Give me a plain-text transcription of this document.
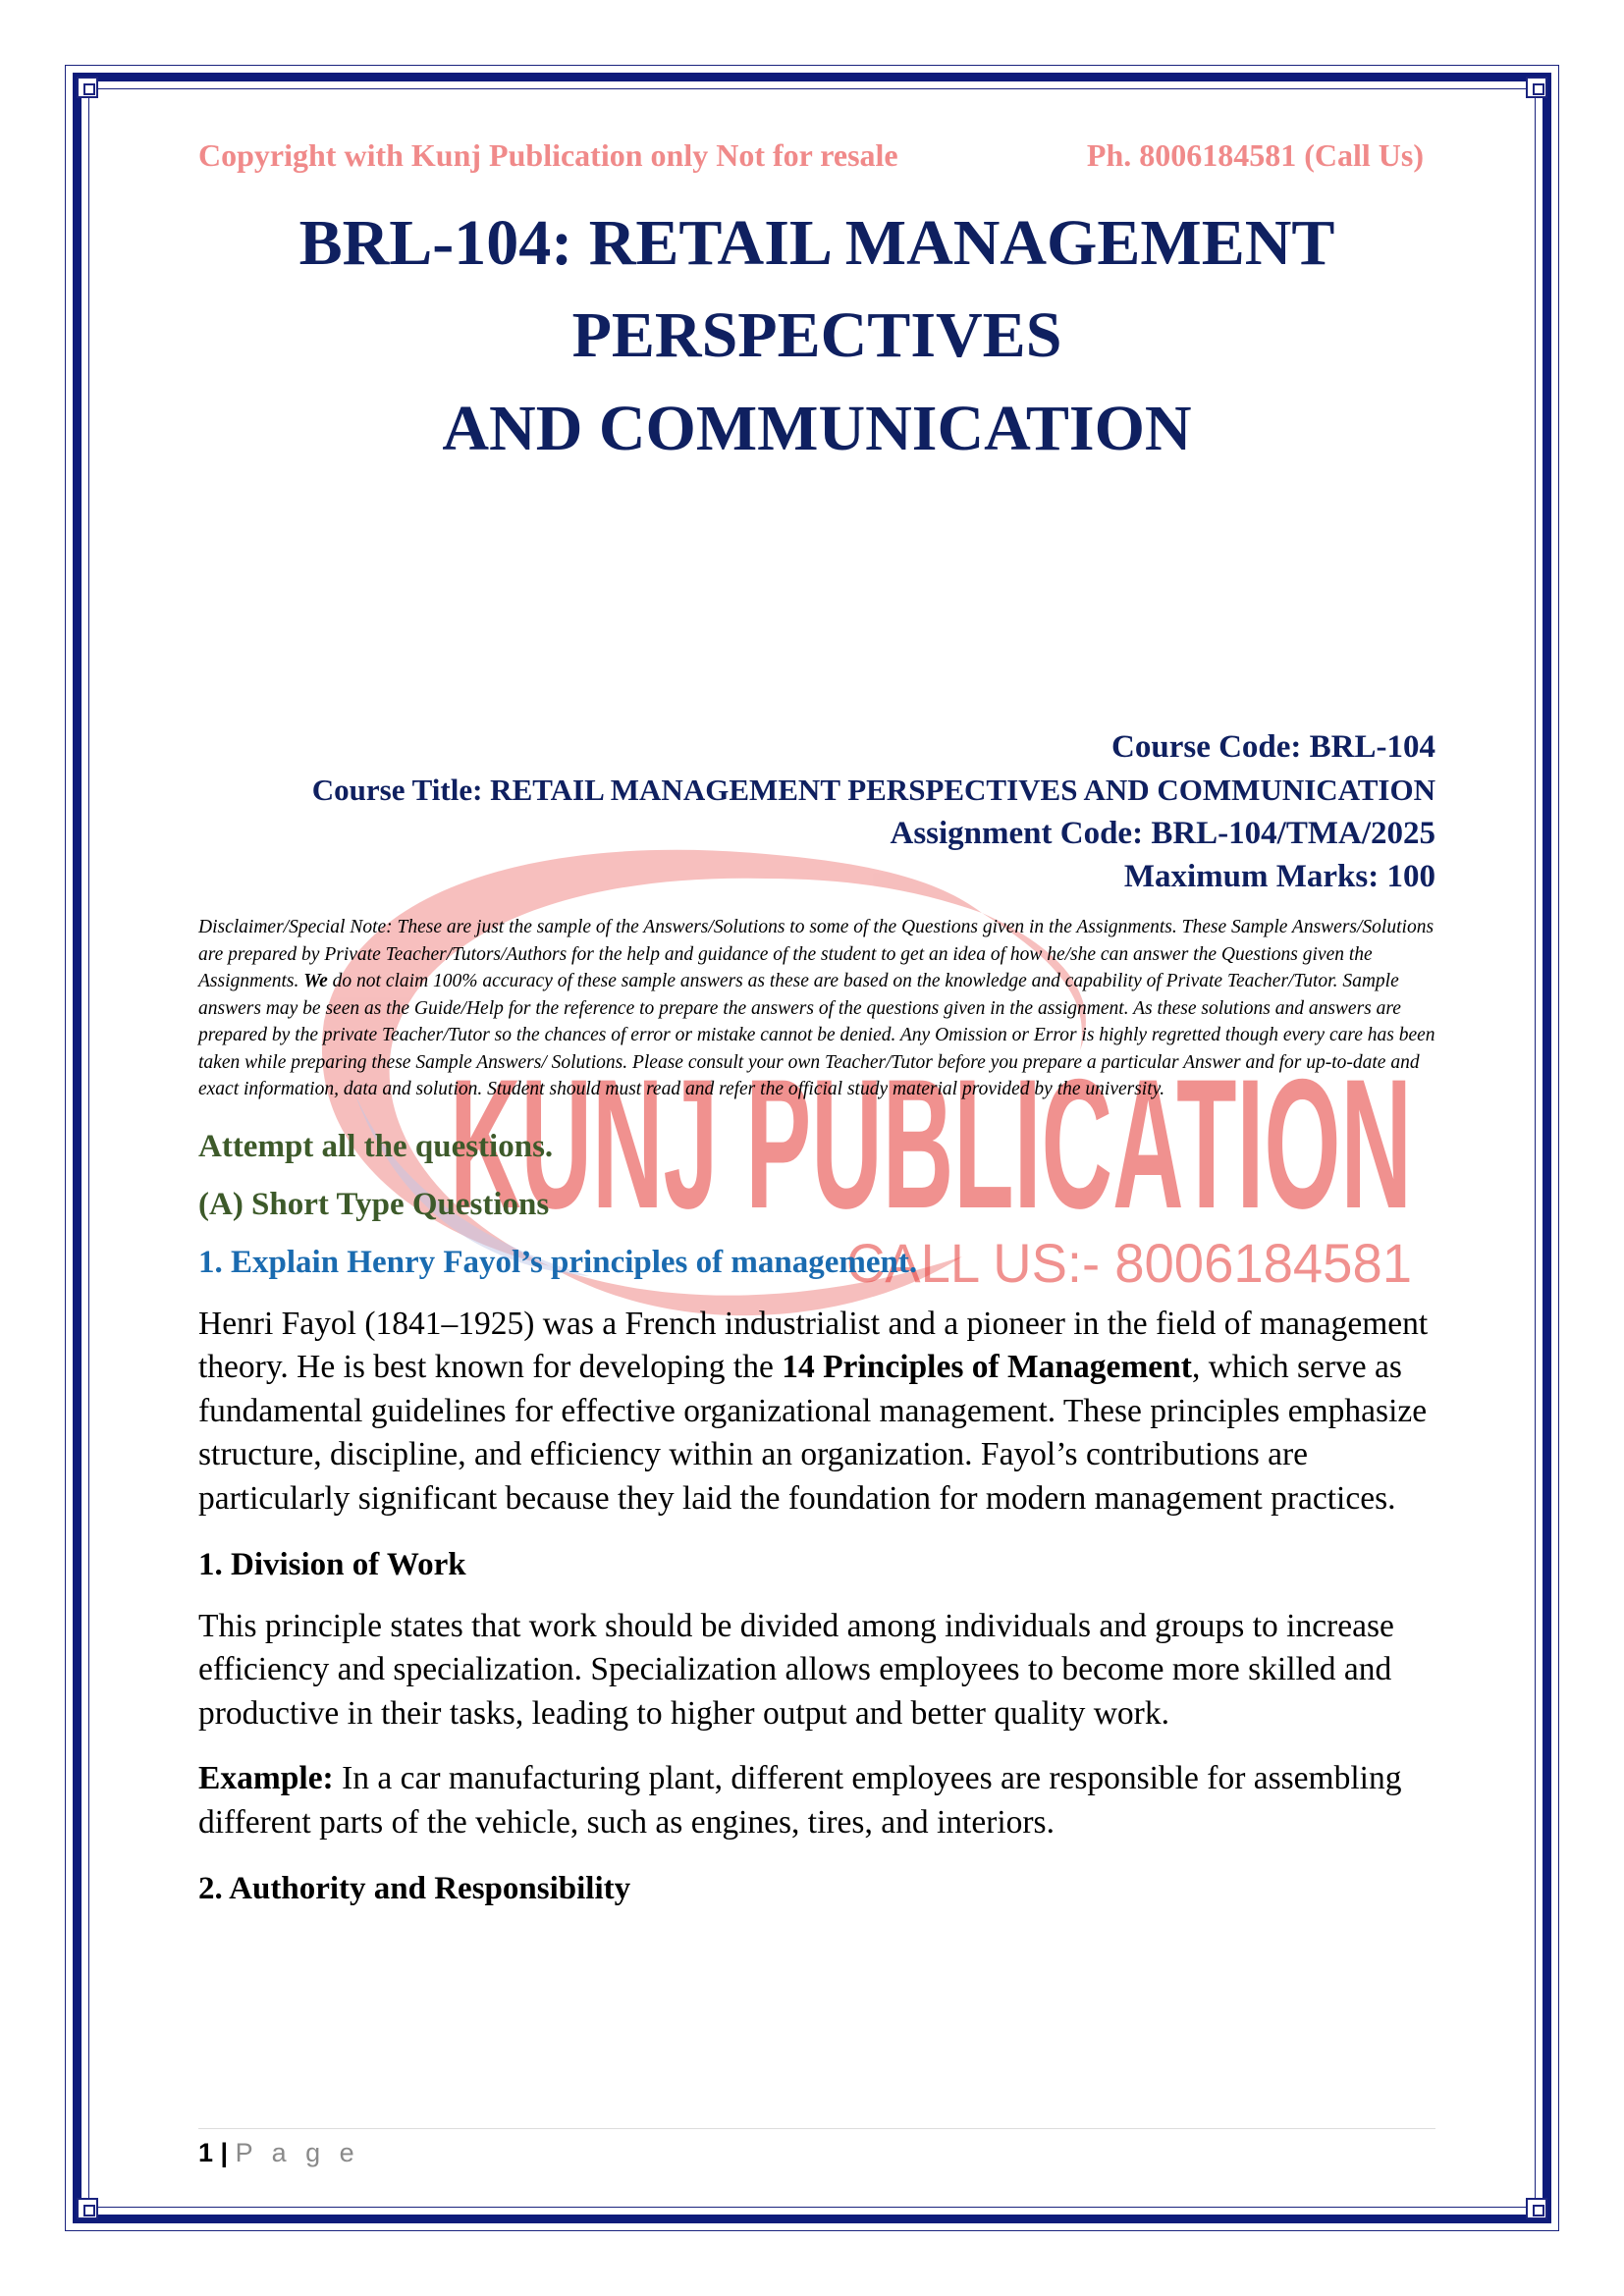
KUNJ PUBLICATION
CALL US:- 8006184581
Copyright with Kunj Publication only Not for resale	Ph. 8006184581 (Call Us)
BRL-104: RETAIL MANAGEMENT
PERSPECTIVES
AND COMMUNICATION
Course Code: BRL-104
Course Title: RETAIL MANAGEMENT PERSPECTIVES AND COMMUNICATION
Assignment Code: BRL-104/TMA/2025
Maximum Marks: 100
Disclaimer/Special Note: These are just the sample of the Answers/Solutions to some of the Questions given in the Assignments. These Sample Answers/Solutions are prepared by Private Teacher/Tutors/Authors for the help and guidance of the student to get an idea of how he/she can answer the Questions given the Assignments. We do not claim 100% accuracy of these sample answers as these are based on the knowledge and capability of Private Teacher/Tutor. Sample answers may be seen as the Guide/Help for the reference to prepare the answers of the questions given in the assignment. As these solutions and answers are prepared by the private Teacher/Tutor so the chances of error or mistake cannot be denied. Any Omission or Error is highly regretted though every care has been taken while preparing these Sample Answers/ Solutions. Please consult your own Teacher/Tutor before you prepare a particular Answer and for up-to-date and exact information, data and solution. Student should must read and refer the official study material provided by the university.
Attempt all the questions.
(A) Short Type Questions
1. Explain Henry Fayol’s principles of management.
Henri Fayol (1841–1925) was a French industrialist and a pioneer in the field of management theory. He is best known for developing the 14 Principles of Management, which serve as fundamental guidelines for effective organizational management. These principles emphasize structure, discipline, and efficiency within an organization. Fayol’s contributions are particularly significant because they laid the foundation for modern management practices.
1. Division of Work
This principle states that work should be divided among individuals and groups to increase efficiency and specialization. Specialization allows employees to become more skilled and productive in their tasks, leading to higher output and better quality work.
Example: In a car manufacturing plant, different employees are responsible for assembling different parts of the vehicle, such as engines, tires, and interiors.
2. Authority and Responsibility
1 | P a g e
